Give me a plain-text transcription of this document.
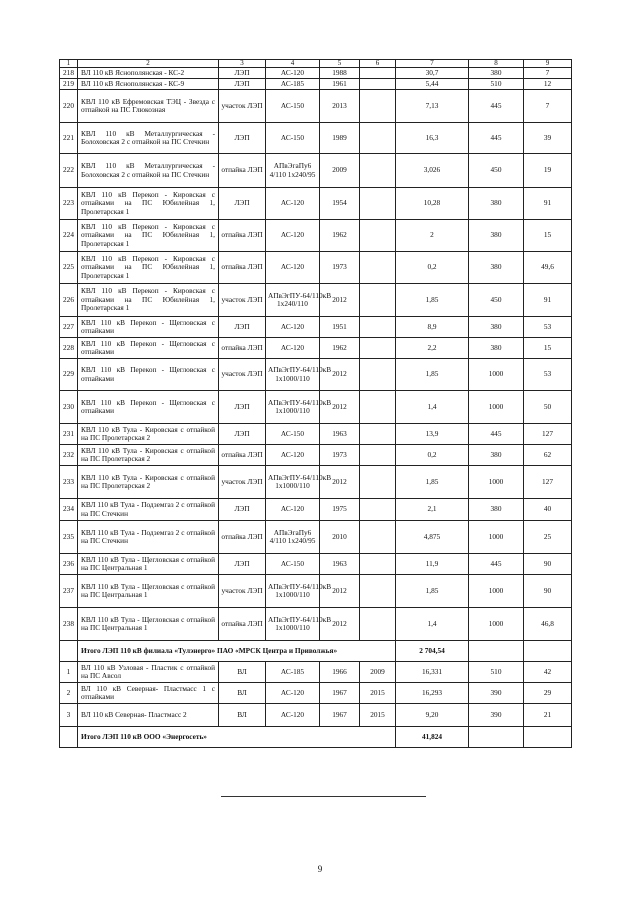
1	2	3	4	5	6	7	8	9
218	ВЛ 110 кВ Яснополянская - КС-2	ЛЭП	АС-120	1988		30,7	380	7
219	ВЛ 110 кВ Яснополянская - КС-9	ЛЭП	АС-185	1961		5,44	510	12
220	КВЛ 110 кВ Ефремовская ТЭЦ - Звезда с отпайкой на ПС Глюкозная	участок ЛЭП	АС-150	2013		7,13	445	7
221	КВЛ 110 кВ Металлургическая - Болоховская 2 с отпайкой на ПС Стечкин	ЛЭП	АС-150	1989		16,3	445	39
222	КВЛ 110 кВ Металлургическая - Болоховская 2 с отпайкой на ПС Стечкин	отпайка ЛЭП	АПвЭгаПу6 4/110 1х240/95	2009		3,026	450	19
223	КВЛ 110 кВ Перекоп - Кировская с отпайками на ПС Юбилейная 1, Пролетарская 1	ЛЭП	АС-120	1954		10,28	380	91
224	КВЛ 110 кВ Перекоп - Кировская с отпайками на ПС Юбилейная 1, Пролетарская 1	отпайка ЛЭП	АС-120	1962		2	380	15
225	КВЛ 110 кВ Перекоп - Кировская с отпайками на ПС Юбилейная 1, Пролетарская 1	отпайка ЛЭП	АС-120	1973		0,2	380	49,6
226	КВЛ 110 кВ Перекоп - Кировская с отпайками на ПС Юбилейная 1, Пролетарская 1	участок ЛЭП	АПвЭгПУ-64/110кВ 1х240/110	2012		1,85	450	91
227	КВЛ 110 кВ Перекоп - Щегловская с отпайками	ЛЭП	АС-120	1951		8,9	380	53
228	КВЛ 110 кВ Перекоп - Щегловская с отпайками	отпайка ЛЭП	АС-120	1962		2,2	380	15
229	КВЛ 110 кВ Перекоп - Щегловская с отпайками	участок ЛЭП	АПвЭгПУ-64/110кВ 1х1000/110	2012		1,85	1000	53
230	КВЛ 110 кВ Перекоп - Щегловская с отпайками	ЛЭП	АПвЭгПУ-64/110кВ 1х1000/110	2012		1,4	1000	50
231	КВЛ 110 кВ Тула - Кировская с отпайкой на ПС Пролетарская 2	ЛЭП	АС-150	1963		13,9	445	127
232	КВЛ 110 кВ Тула - Кировская с отпайкой на ПС Пролетарская 2	отпайка ЛЭП	АС-120	1973		0,2	380	62
233	КВЛ 110 кВ Тула - Кировская с отпайкой на ПС Пролетарская 2	участок ЛЭП	АПвЭгПУ-64/110кВ 1х1000/110	2012		1,85	1000	127
234	КВЛ 110 кВ Тула - Подземгаз 2 с отпайкой на ПС Стечкин	ЛЭП	АС-120	1975		2,1	380	40
235	КВЛ 110 кВ Тула - Подземгаз 2 с отпайкой на ПС Стечкин	отпайка ЛЭП	АПвЭгаПу6 4/110 1х240/95	2010		4,875	1000	25
236	КВЛ 110 кВ Тула - Щегловская с отпайкой на ПС Центральная 1	ЛЭП	АС-150	1963		11,9	445	90
237	КВЛ 110 кВ Тула - Щегловская с отпайкой на ПС Центральная 1	участок ЛЭП	АПвЭгПУ-64/110кВ 1х1000/110	2012		1,85	1000	90
238	КВЛ 110 кВ Тула - Щегловская с отпайкой на ПС Центральная 1	отпайка ЛЭП	АПвЭгПУ-64/110кВ 1х1000/110	2012		1,4	1000	46,8
	Итого ЛЭП 110 кВ филиала «Тулэнерго» ПАО «МРСК Центра и Приволжья»					2 704,54		
1	ВЛ 110 кВ Узловая - Пластик с отпайкой на ПС Авсол	ВЛ	АС-185	1966	2009	16,331	510	42
2	ВЛ 110 кВ Северная- Пластмасс 1 с отпайками	ВЛ	АС-120	1967	2015	16,293	390	29
3	ВЛ 110 кВ Северная- Пластмасс 2	ВЛ	АС-120	1967	2015	9,20	390	21
	Итого ЛЭП 110 кВ ООО «Энергосеть»					41,824		
9
